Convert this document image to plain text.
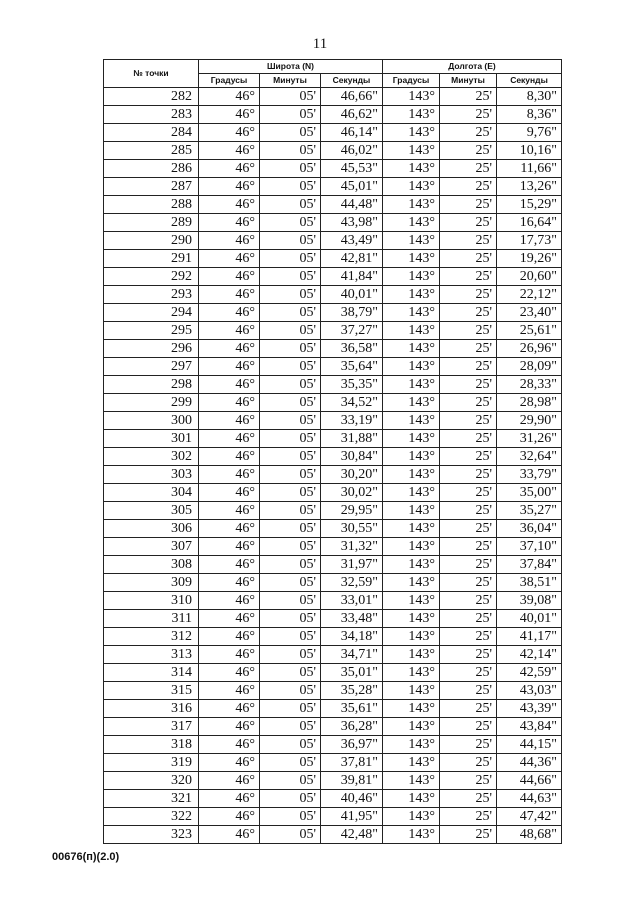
11
№ точки	Широта (N)			Долгота (E)		
	Градусы	Минуты	Секунды	Градусы	Минуты	Секунды
282	46°	05'	46,66"	143°	25'	8,30"
283	46°	05'	46,62"	143°	25'	8,36"
284	46°	05'	46,14"	143°	25'	9,76"
285	46°	05'	46,02"	143°	25'	10,16"
286	46°	05'	45,53"	143°	25'	11,66"
287	46°	05'	45,01"	143°	25'	13,26"
288	46°	05'	44,48"	143°	25'	15,29"
289	46°	05'	43,98"	143°	25'	16,64"
290	46°	05'	43,49"	143°	25'	17,73"
291	46°	05'	42,81"	143°	25'	19,26"
292	46°	05'	41,84"	143°	25'	20,60"
293	46°	05'	40,01"	143°	25'	22,12"
294	46°	05'	38,79"	143°	25'	23,40"
295	46°	05'	37,27"	143°	25'	25,61"
296	46°	05'	36,58"	143°	25'	26,96"
297	46°	05'	35,64"	143°	25'	28,09"
298	46°	05'	35,35"	143°	25'	28,33"
299	46°	05'	34,52"	143°	25'	28,98"
300	46°	05'	33,19"	143°	25'	29,90"
301	46°	05'	31,88"	143°	25'	31,26"
302	46°	05'	30,84"	143°	25'	32,64"
303	46°	05'	30,20"	143°	25'	33,79"
304	46°	05'	30,02"	143°	25'	35,00"
305	46°	05'	29,95"	143°	25'	35,27"
306	46°	05'	30,55"	143°	25'	36,04"
307	46°	05'	31,32"	143°	25'	37,10"
308	46°	05'	31,97"	143°	25'	37,84"
309	46°	05'	32,59"	143°	25'	38,51"
310	46°	05'	33,01"	143°	25'	39,08"
311	46°	05'	33,48"	143°	25'	40,01"
312	46°	05'	34,18"	143°	25'	41,17"
313	46°	05'	34,71"	143°	25'	42,14"
314	46°	05'	35,01"	143°	25'	42,59"
315	46°	05'	35,28"	143°	25'	43,03"
316	46°	05'	35,61"	143°	25'	43,39"
317	46°	05'	36,28"	143°	25'	43,84"
318	46°	05'	36,97"	143°	25'	44,15"
319	46°	05'	37,81"	143°	25'	44,36"
320	46°	05'	39,81"	143°	25'	44,66"
321	46°	05'	40,46"	143°	25'	44,63"
322	46°	05'	41,95"	143°	25'	47,42"
323	46°	05'	42,48"	143°	25'	48,68"
00676(п)(2.0)
